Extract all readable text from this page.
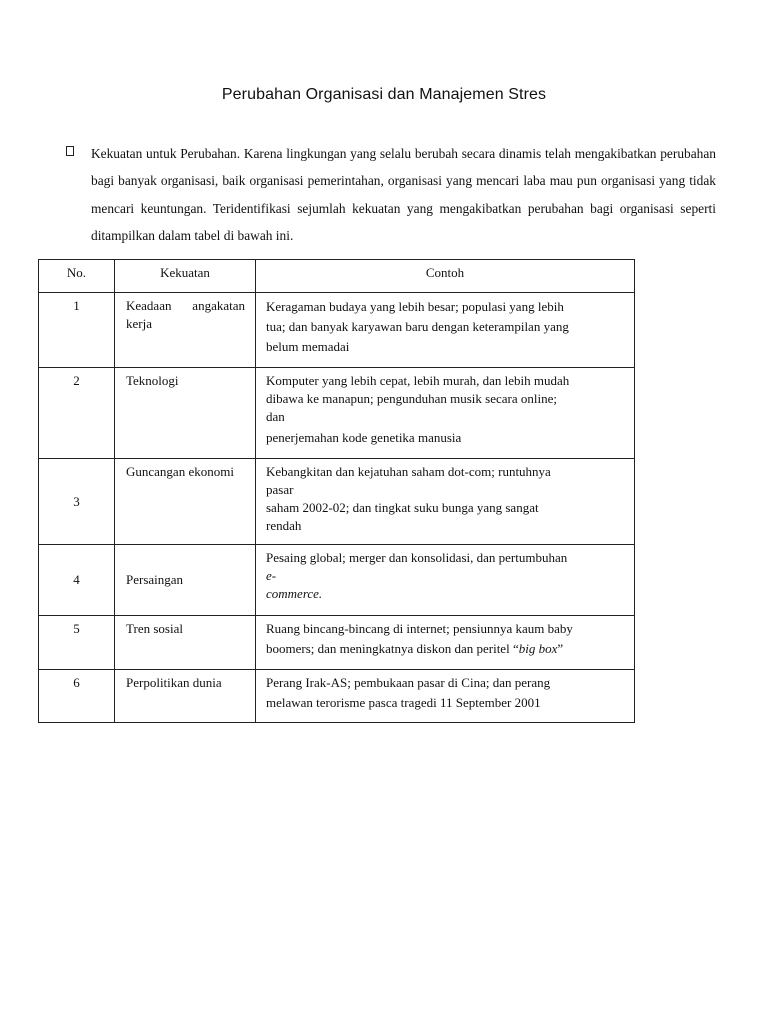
Perubahan Organisasi dan Manajemen Stres
Kekuatan untuk Perubahan. Karena lingkungan yang selalu berubah secara dinamis telah mengakibatkan perubahan bagi banyak organisasi, baik organisasi pemerintahan, organisasi yang mencari laba mau pun organisasi yang tidak mencari keuntungan. Teridentifikasi sejumlah kekuatan yang mengakibatkan perubahan bagi organisasi seperti ditampilkan dalam tabel di bawah ini.
No.	Kekuatan	Contoh

1	Keadaan angakatan kerja	Keragaman budaya yang lebih besar; populasi yang lebih
tua; dan banyak karyawan baru dengan keterampilan yang
belum memadai

2	Teknologi	Komputer yang lebih cepat, lebih murah, dan lebih mudah
dibawa ke manapun; pengunduhan musik secara online;
dan
penerjemahan kode genetika manusia

3	Guncangan ekonomi	Kebangkitan dan kejatuhan saham dot-com; runtuhnya
pasar
saham 2002-02; dan tingkat suku bunga yang sangat
rendah

4	Persaingan	Pesaing global; merger dan konsolidasi, dan pertumbuhan
e-
commerce.

5	Tren sosial	Ruang bincang-bincang di internet; pensiunnya kaum baby
boomers; dan meningkatnya diskon dan peritel “big box”

6	Perpolitikan dunia	Perang Irak-AS; pembukaan pasar di Cina; dan perang
melawan terorisme pasca tragedi 11 September 2001
